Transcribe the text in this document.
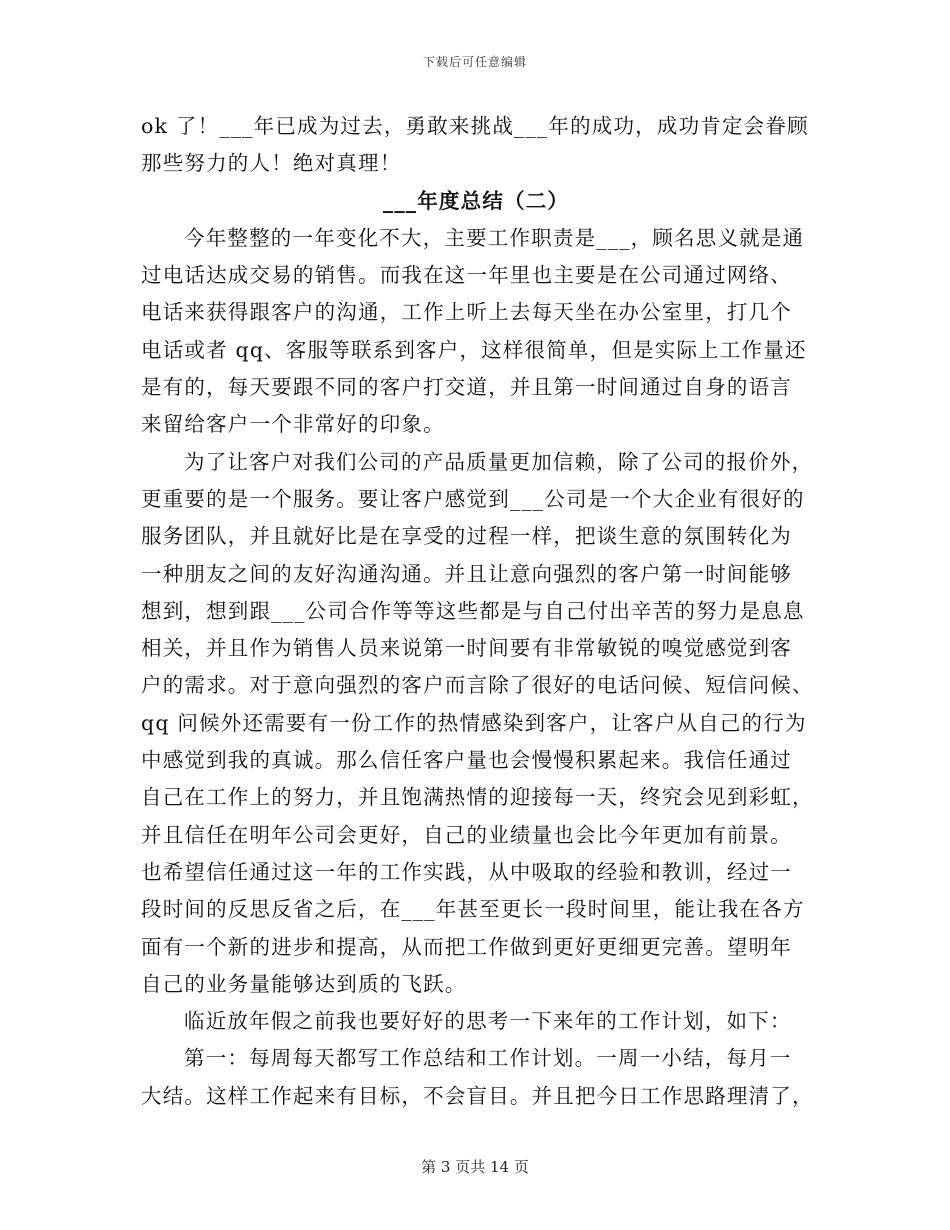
下载后可任意编辑
ok 了！___年已成为过去，勇敢来挑战___年的成功，成功肯定会眷顾
那些努力的人！绝对真理！
___年度总结（二）
今年整整的一年变化不大，主要工作职责是___，顾名思义就是通
过电话达成交易的销售。而我在这一年里也主要是在公司通过网络、
电话来获得跟客户的沟通，工作上听上去每天坐在办公室里，打几个
电话或者 qq、客服等联系到客户，这样很简单，但是实际上工作量还
是有的，每天要跟不同的客户打交道，并且第一时间通过自身的语言
来留给客户一个非常好的印象。
为了让客户对我们公司的产品质量更加信赖，除了公司的报价外，
更重要的是一个服务。要让客户感觉到___公司是一个大企业有很好的
服务团队，并且就好比是在享受的过程一样，把谈生意的氛围转化为
一种朋友之间的友好沟通沟通。并且让意向强烈的客户第一时间能够
想到，想到跟___公司合作等等这些都是与自己付出辛苦的努力是息息
相关，并且作为销售人员来说第一时间要有非常敏锐的嗅觉感觉到客
户的需求。对于意向强烈的客户而言除了很好的电话问候、短信问候、
qq 问候外还需要有一份工作的热情感染到客户，让客户从自己的行为
中感觉到我的真诚。那么信任客户量也会慢慢积累起来。我信任通过
自己在工作上的努力，并且饱满热情的迎接每一天，终究会见到彩虹，
并且信任在明年公司会更好，自己的业绩量也会比今年更加有前景。
也希望信任通过这一年的工作实践，从中吸取的经验和教训，经过一
段时间的反思反省之后，在___年甚至更长一段时间里，能让我在各方
面有一个新的进步和提高，从而把工作做到更好更细更完善。望明年
自己的业务量能够达到质的飞跃。
临近放年假之前我也要好好的思考一下来年的工作计划，如下：
第一：每周每天都写工作总结和工作计划。一周一小结，每月一
大结。这样工作起来有目标，不会盲目。并且把今日工作思路理清了，
第 3 页共 14 页
